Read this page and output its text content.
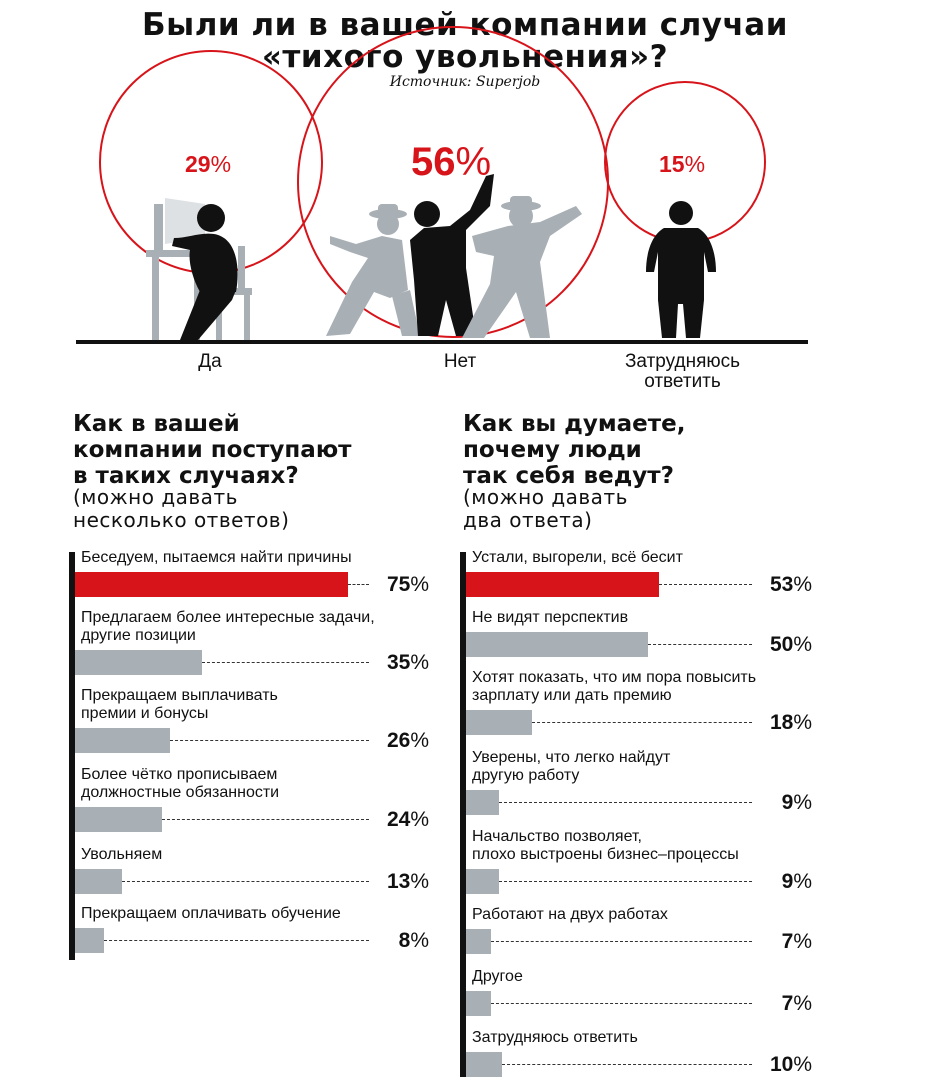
Были ли в вашей компании случаи
«тихого увольнения»?
Источник: Superjob
29%	56%	15%
Да	Нет	Затрудняюсь
ответить
Как в вашей
компании поступают
в таких случаях?
(можно давать
несколько ответов)
Как вы думаете,
почему люди
так себя ведут?
(можно давать
два ответа)
Беседуем, пытаемся найти причины
75%
Предлагаем более интересные задачи,
другие позиции
35%
Прекращаем выплачивать
премии и бонусы
26%
Более чётко прописываем
должностные обязанности
24%
Увольняем
13%
Прекращаем оплачивать обучение
8%
Устали, выгорели, всё бесит
53%
Не видят перспектив
50%
Хотят показать, что им пора повысить
зарплату или дать премию
18%
Уверены, что легко найдут
другую работу
9%
Начальство позволяет,
плохо выстроены бизнес–процессы
9%
Работают на двух работах
7%
Другое
7%
Затрудняюсь ответить
10%
